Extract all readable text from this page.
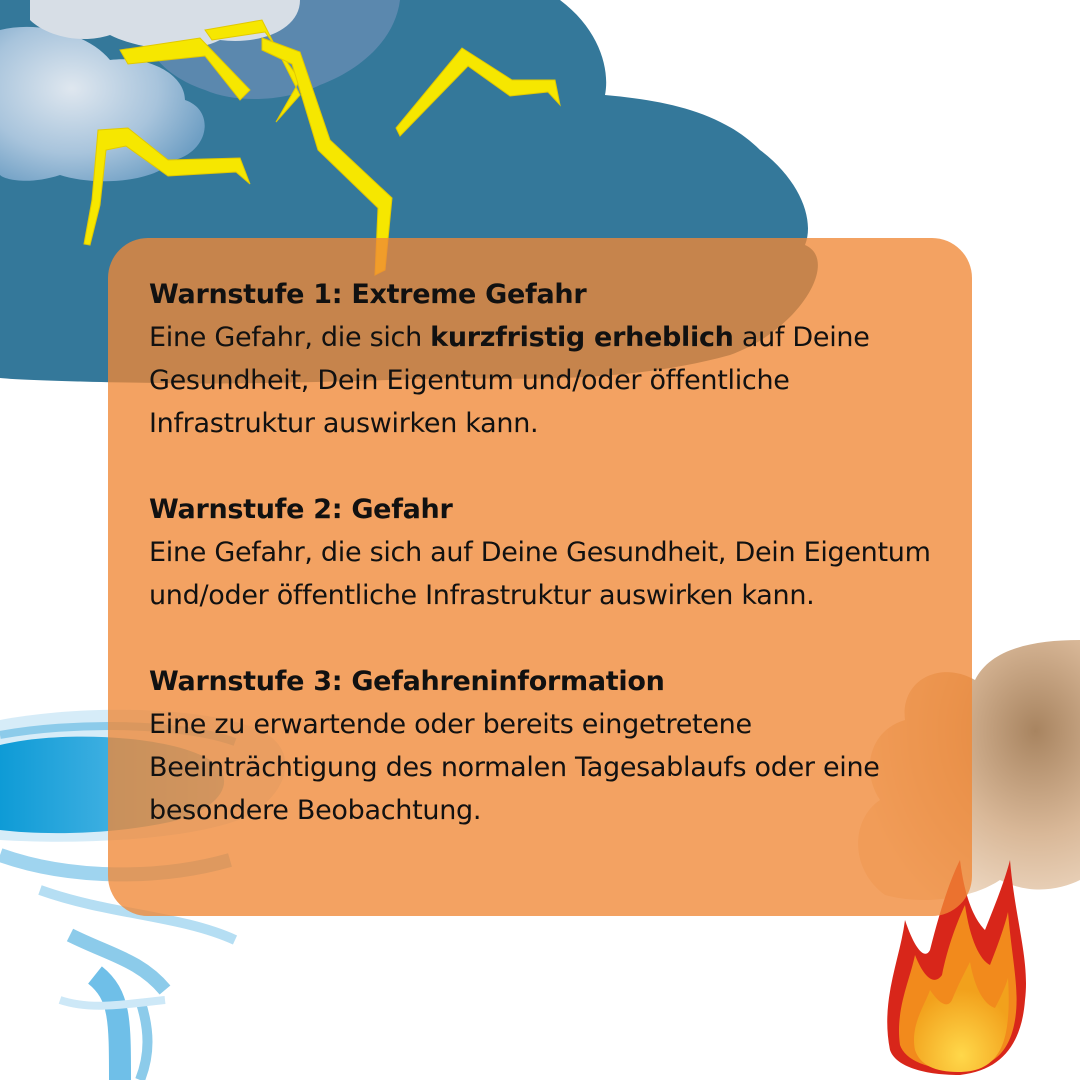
Warnstufe 1: Extreme Gefahr
Eine Gefahr, die sich kurzfristig erheblich auf Deine Gesundheit, Dein Eigentum und/oder öffentliche Infrastruktur auswirken kann.
Warnstufe 2: Gefahr
Eine Gefahr, die sich auf Deine Gesundheit, Dein Eigentum und/oder öffentliche Infrastruktur auswirken kann.
Warnstufe 3: Gefahreninformation
Eine zu erwartende oder bereits eingetretene Beeinträchtigung des normalen Tagesablaufs oder eine besondere Beobachtung.
